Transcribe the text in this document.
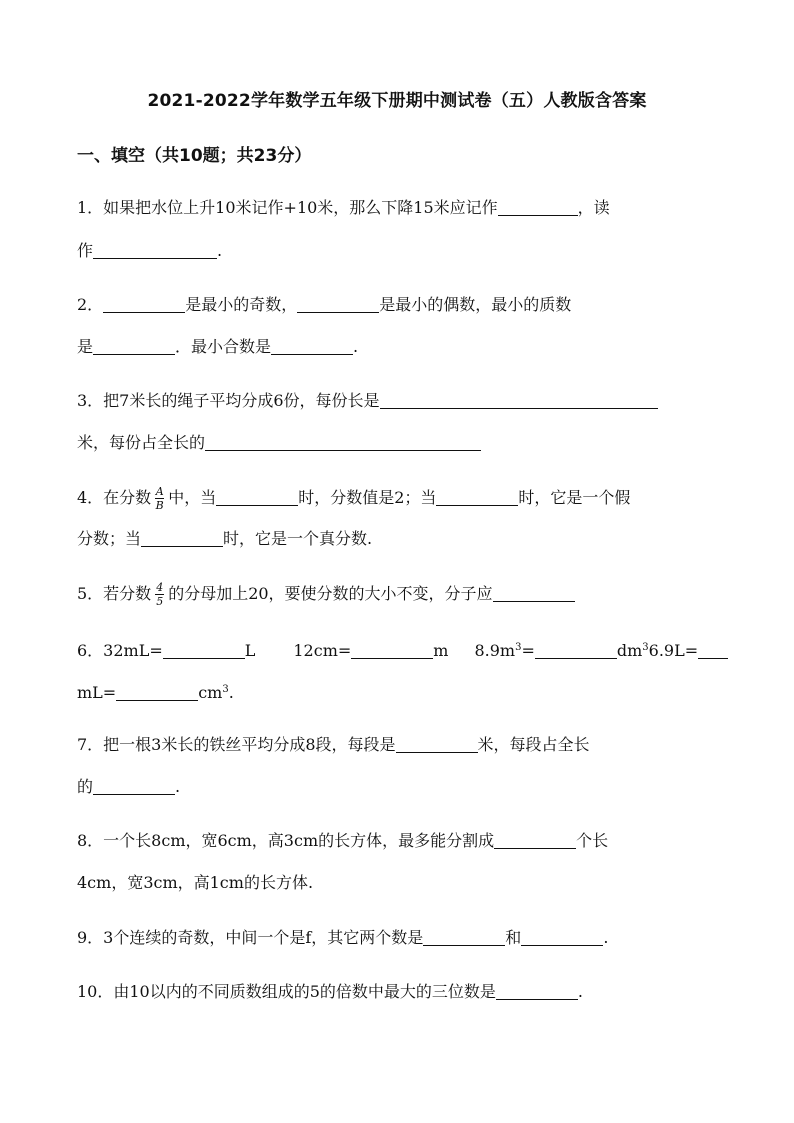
2021-2022学年数学五年级下册期中测试卷（五）人教版含答案
一、填空（共10题；共23分）
1．如果把水位上升10米记作+10米，那么下降15米应记作	，读
作	.
2．	是最小的奇数，	是最小的偶数，最小的质数
是	．最小合数是	.
3．把7米长的绳子平均分成6份，每份长是
米，每份占全长的
4．在分数 $\frac{A}{B}$ 中，当	时，分数值是2；当	时，它是一个假
分数；当	时，它是一个真分数.
5．若分数 $\frac{4}{5}$ 的分母加上20，要使分数的大小不变，分子应
6．32mL=	L 12cm=	m $8.9m^3=$	$dm^36.9L=$
mL=	$cm^3$.
7．把一根3米长的铁丝平均分成8段，每段是	米，每段占全长
的	.
8．一个长8cm，宽6cm，高3cm的长方体，最多能分割成	个长
4cm，宽3cm，高1cm的长方体.
9．3个连续的奇数，中间一个是f，其它两个数是	和	.
10．由10以内的不同质数组成的5的倍数中最大的三位数是	.
